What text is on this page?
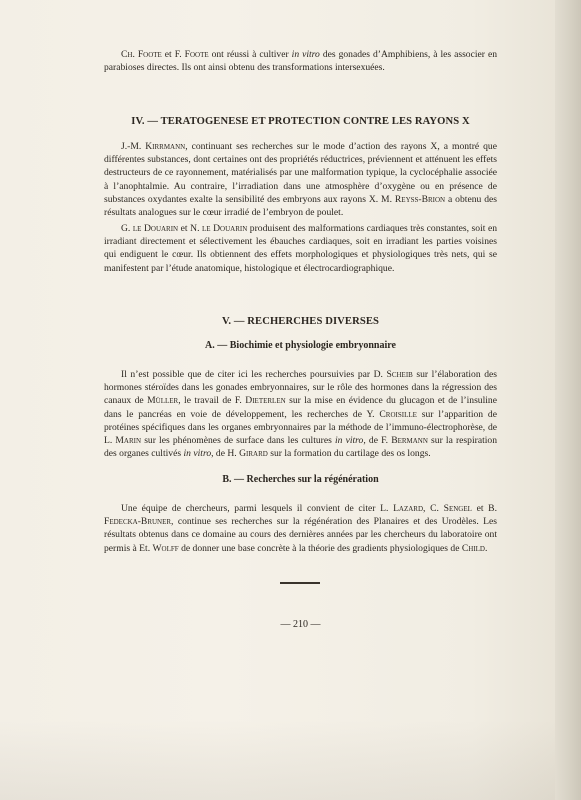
Ch. Foote et F. Foote ont réussi à cultiver in vitro des gonades d’Amphibiens, à les associer en parabioses directes. Ils ont ainsi obtenu des transformations intersexuées.

IV. — TERATOGENESE ET PROTECTION CONTRE LES RAYONS X

J.-M. Kirrmann, continuant ses recherches sur le mode d’action des rayons X, a montré que différentes substances, dont certaines ont des propriétés réductrices, préviennent et atténuent les effets destructeurs de ce rayonnement, matérialisés par une malformation typique, la cyclocéphalie associée à l’anophtalmie. Au contraire, l’irradiation dans une atmosphère d’oxygène ou en présence de substances oxydantes exalte la sensibilité des embryons aux rayons X. M. Reyss-Brion a obtenu des résultats analogues sur le cœur irradié de l’embryon de poulet.

G. le Douarin et N. le Douarin produisent des malformations cardiaques très constantes, soit en irradiant directement et sélectivement les ébauches cardiaques, soit en irradiant les parties voisines qui endiguent le cœur. Ils obtiennent des effets morphologiques et physiologiques très nets, qui se manifestent par l’étude anatomique, histologique et électrocardiographique.

V. — RECHERCHES DIVERSES
A. — Biochimie et physiologie embryonnaire

Il n’est possible que de citer ici les recherches poursuivies par D. Scheib sur l’élaboration des hormones stéroïdes dans les gonades embryonnaires, sur le rôle des hormones dans la régression des canaux de Müller, le travail de F. Dieterlen sur la mise en évidence du glucagon et de l’insuline dans le pancréas en voie de développement, les recherches de Y. Croisille sur l’apparition de protéines spécifiques dans les organes embryonnaires par la méthode de l’immuno-électrophorèse, de L. Marin sur les phénomènes de surface dans les cultures in vitro, de F. Bermann sur la respiration des organes cultivés in vitro, de H. Girard sur la formation du cartilage des os longs.

B. — Recherches sur la régénération

Une équipe de chercheurs, parmi lesquels il convient de citer L. Lazard, C. Sengel et B. Fedecka-Bruner, continue ses recherches sur la régénération des Planaires et des Urodèles. Les résultats obtenus dans ce domaine au cours des dernières années par les chercheurs du laboratoire ont permis à Et. Wolff de donner une base concrète à la théorie des gradients physiologiques de Child.

— 210 —
